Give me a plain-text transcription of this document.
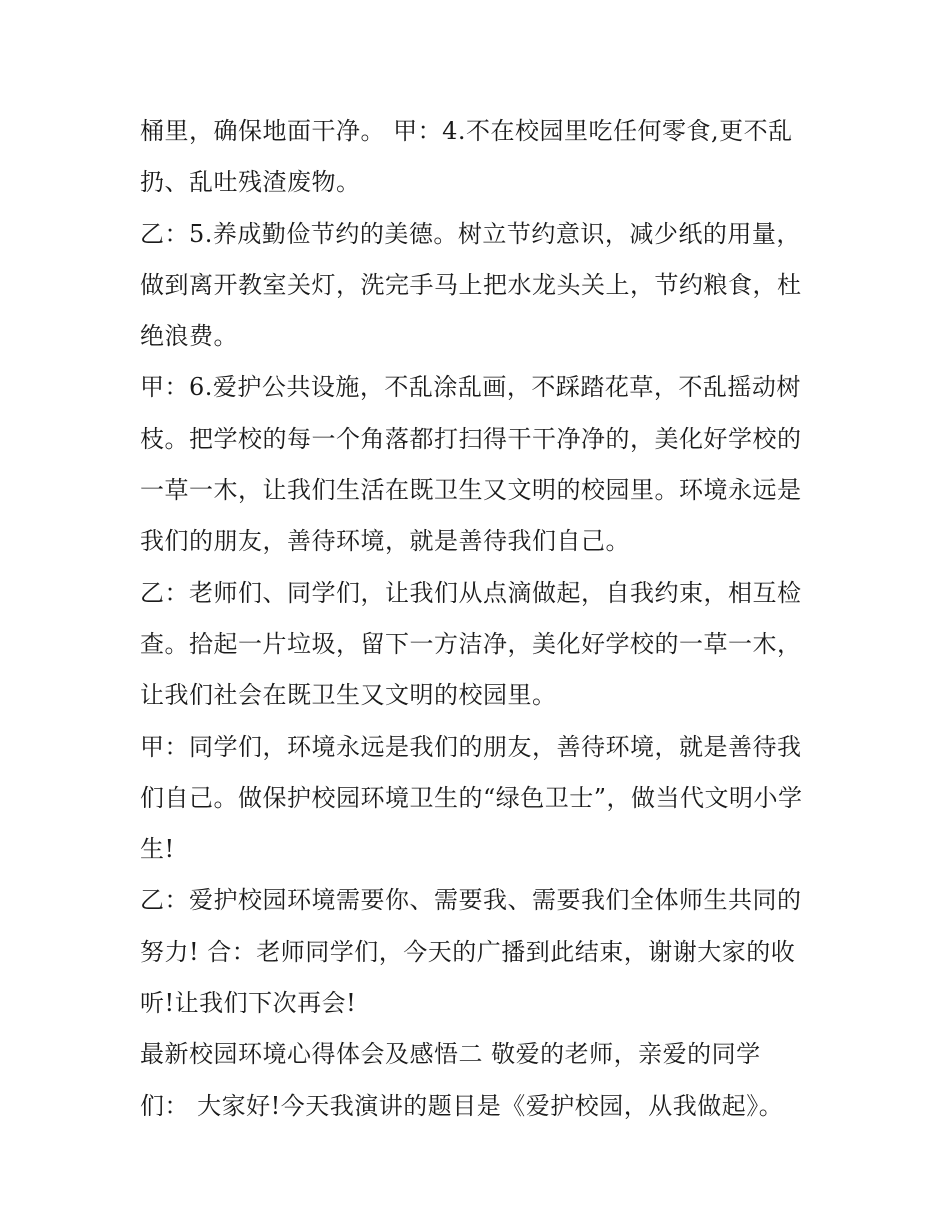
桶里，确保地面干净。 甲：4.不在校园里吃任何零食,更不乱
扔、乱吐残渣废物。
乙：5.养成勤俭节约的美德。树立节约意识，减少纸的用量，
做到离开教室关灯，洗完手马上把水龙头关上，节约粮食，杜
绝浪费。
甲：6.爱护公共设施，不乱涂乱画，不踩踏花草，不乱摇动树
枝。把学校的每一个角落都打扫得干干净净的，美化好学校的
一草一木，让我们生活在既卫生又文明的校园里。环境永远是
我们的朋友，善待环境，就是善待我们自己。
乙：老师们、同学们，让我们从点滴做起，自我约束，相互检
查。拾起一片垃圾，留下一方洁净，美化好学校的一草一木，
让我们社会在既卫生又文明的校园里。
甲：同学们，环境永远是我们的朋友，善待环境，就是善待我
们自己。做保护校园环境卫生的“绿色卫士”，做当代文明小学
生!
乙：爱护校园环境需要你、需要我、需要我们全体师生共同的
努力! 合：老师同学们，今天的广播到此结束，谢谢大家的收
听!让我们下次再会!
最新校园环境心得体会及感悟二 敬爱的老师，亲爱的同学
们： 大家好!今天我演讲的题目是《爱护校园，从我做起》。
